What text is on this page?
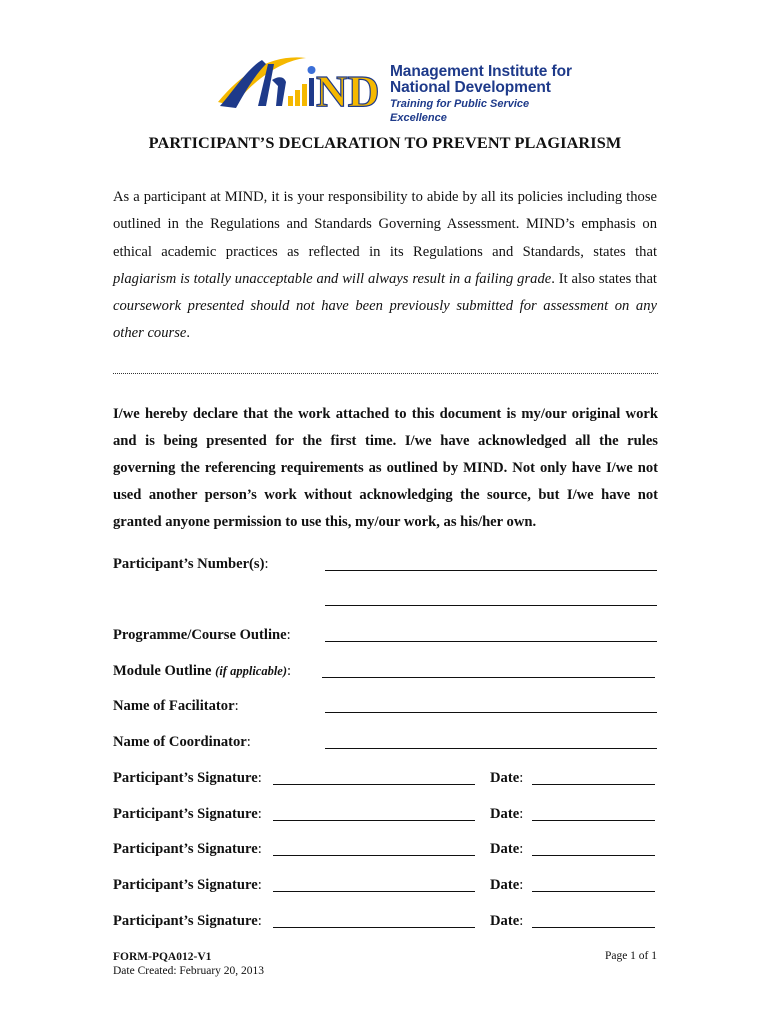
ND Management Institute for
National Development
Training for Public Service Excellence
PARTICIPANT’S DECLARATION TO PREVENT PLAGIARISM
As a participant at MIND, it is your responsibility to abide by all its policies including those outlined in the Regulations and Standards Governing Assessment. MIND’s emphasis on ethical academic practices as reflected in its Regulations and Standards, states that plagiarism is totally unacceptable and will always result in a failing grade. It also states that coursework presented should not have been previously submitted for assessment on any other course.
I/we hereby declare that the work attached to this document is my/our original work and is being presented for the first time. I/we have acknowledged all the rules governing the referencing requirements as outlined by MIND. Not only have I/we not used another person’s work without acknowledging the source, but I/we have not granted anyone permission to use this, my/our work, as his/her own.
Participant’s Number(s):
Programme/Course Outline:
Module Outline (if applicable):
Name of Facilitator:
Name of Coordinator:
Participant’s Signature:	Date:
Participant’s Signature:	Date:
Participant’s Signature:	Date:
Participant’s Signature:	Date:
Participant’s Signature:	Date:
FORM-PQA012-V1
Date Created: February 20, 2013
Page 1 of 1
